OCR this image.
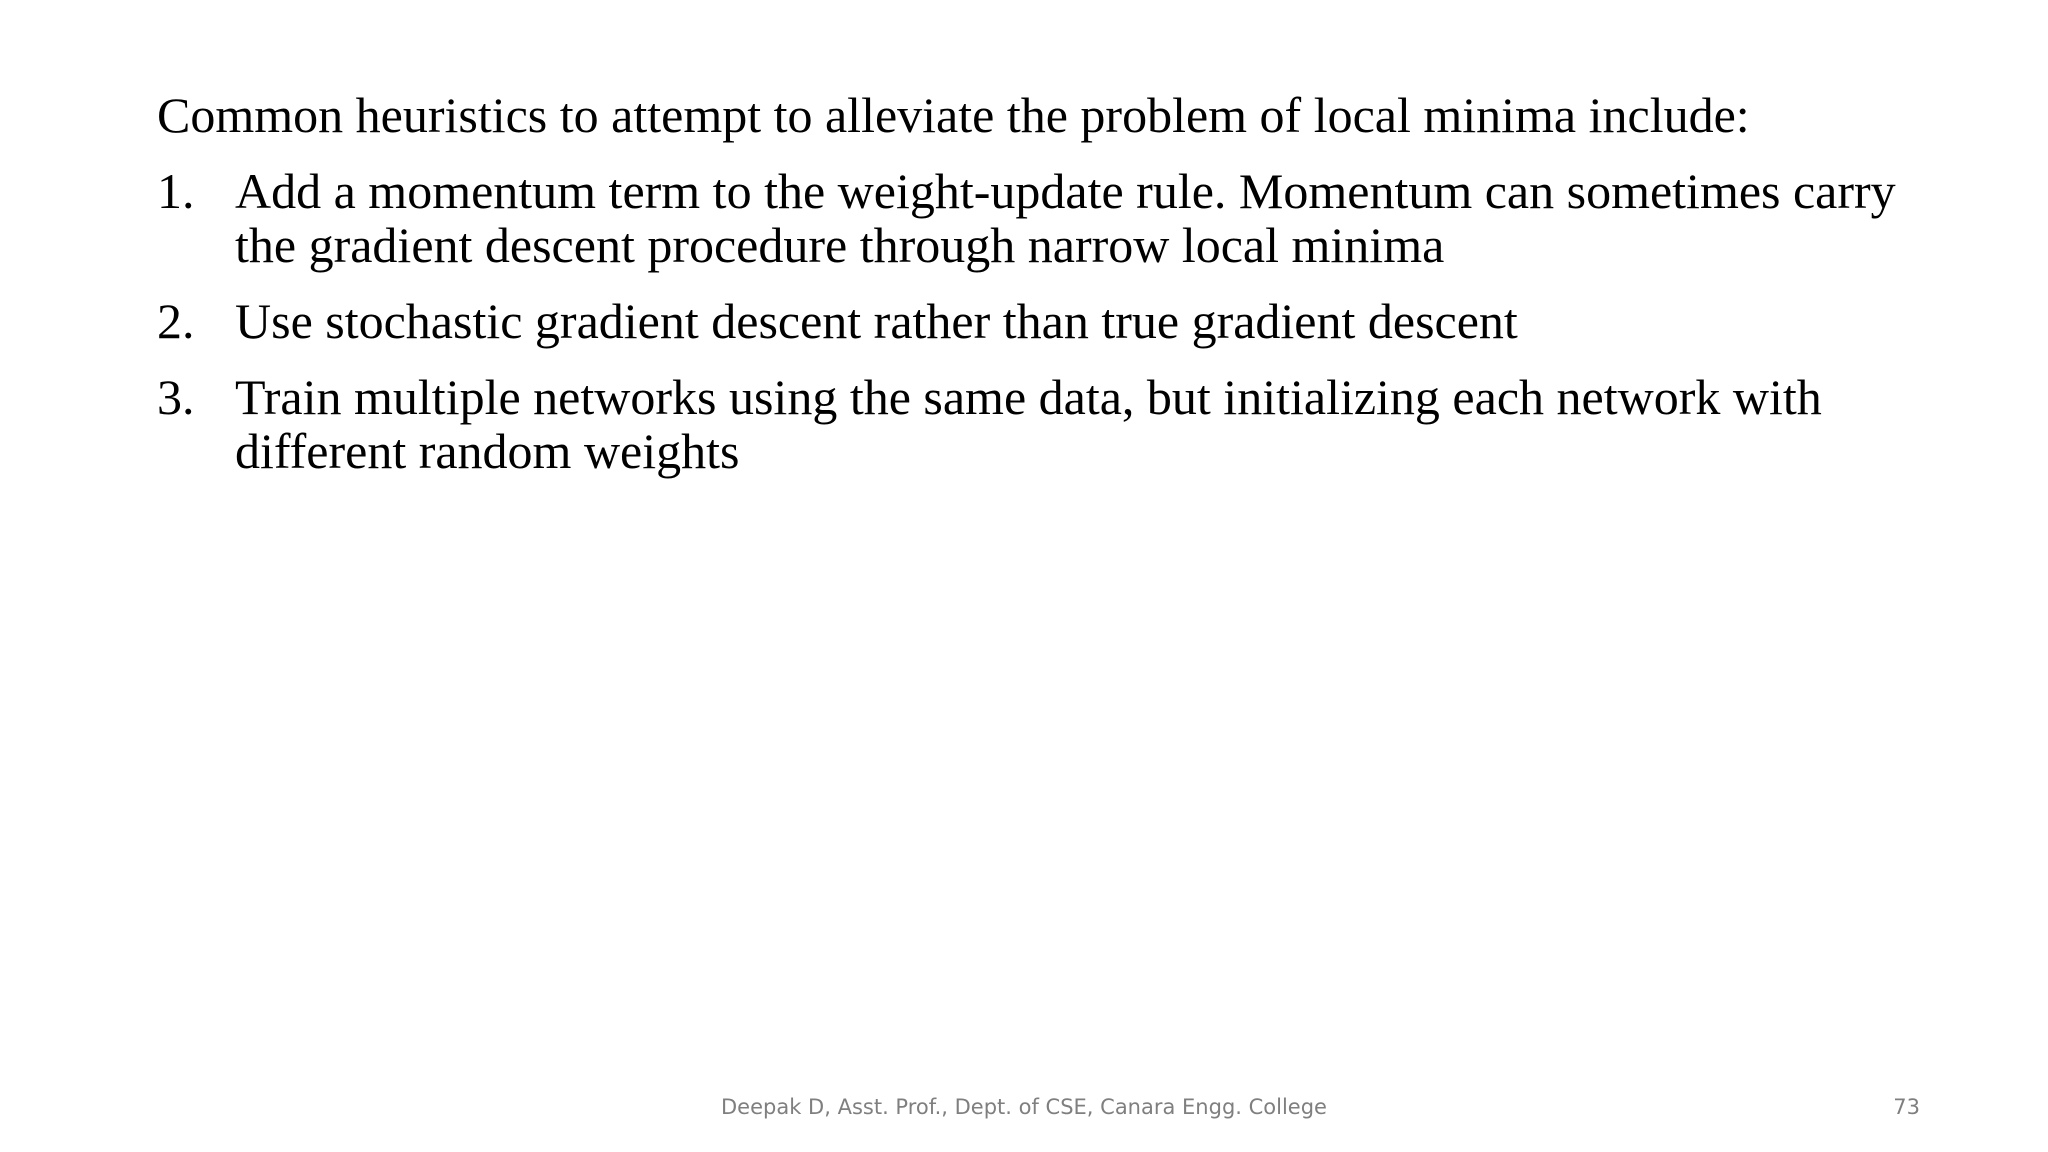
Common heuristics to attempt to alleviate the problem of local minima include:
1. Add a momentum term to the weight-update rule. Momentum can sometimes carry the gradient descent procedure through narrow local minima
2. Use stochastic gradient descent rather than true gradient descent
3. Train multiple networks using the same data, but initializing each network with different random weights
Deepak D, Asst. Prof., Dept. of CSE, Canara Engg. College	73
